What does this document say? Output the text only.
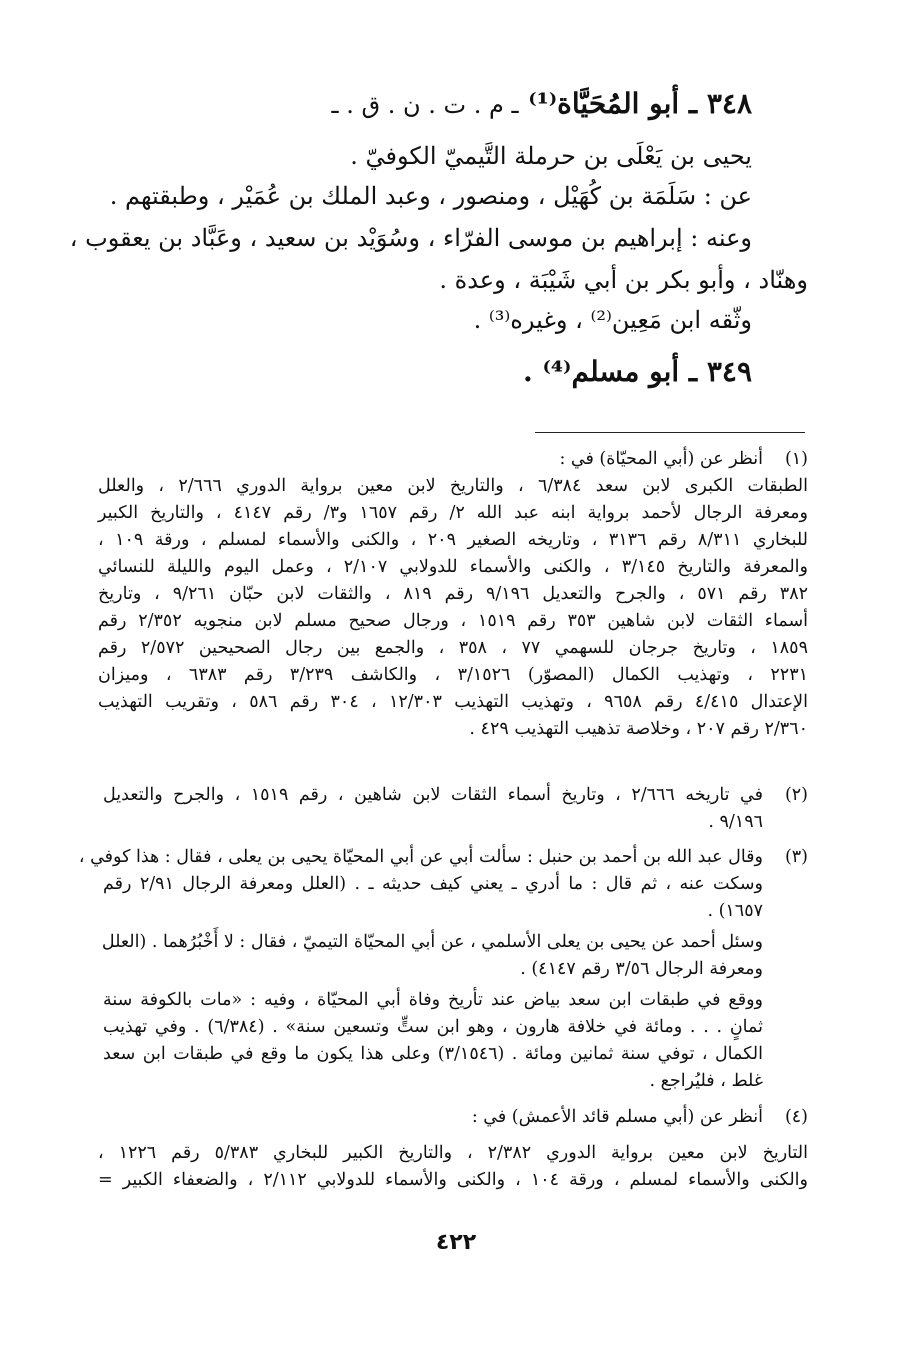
٣٤٨ ـ أبو المُحَيَّاة⁽¹⁾ ـ م . ت . ن . ق . ـ
يحيى بن يَعْلَى بن حرملة التَّيميّ الكوفيّ .
عن : سَلَمَة بن كُهَيْل ، ومنصور ، وعبد الملك بن عُمَيْر ، وطبقتهم .
وعنه : إبراهيم بن موسى الفرّاء ، وسُوَيْد بن سعيد ، وعَبَّاد بن يعقوب ،
وهنّاد ، وأبو بكر بن أبي شَيْبَة ، وعدة .
وثّقه ابن مَعِين⁽²⁾ ، وغيره⁽³⁾ .
٣٤٩ ـ أبو مسلم⁽⁴⁾ .
(١)
أنظر عن (أبي المحيّاة) في :
الطبقات الكبرى لابن سعد ٦/٣٨٤ ، والتاريخ لابن معين برواية الدوري ٢/٦٦٦ ، والعلل
ومعرفة الرجال لأحمد برواية ابنه عبد الله ٢/ رقم ١٦٥٧ و٣/ رقم ٤١٤٧ ، والتاريخ الكبير
للبخاري ٨/٣١١ رقم ٣١٣٦ ، وتاريخه الصغير ٢٠٩ ، والكنى والأسماء لمسلم ، ورقة ١٠٩ ،
والمعرفة والتاريخ ٣/١٤٥ ، والكنى والأسماء للدولابي ٢/١٠٧ ، وعمل اليوم والليلة للنسائي
٣٨٢ رقم ٥٧١ ، والجرح والتعديل ٩/١٩٦ رقم ٨١٩ ، والثقات لابن حبّان ٩/٢٦١ ، وتاريخ
أسماء الثقات لابن شاهين ٣٥٣ رقم ١٥١٩ ، ورجال صحيح مسلم لابن منجويه ٢/٣٥٢ رقم
١٨٥٩ ، وتاريخ جرجان للسهمي ٧٧ ، ٣٥٨ ، والجمع بين رجال الصحيحين ٢/٥٧٢ رقم
٢٢٣١ ، وتهذيب الكمال (المصوّر) ٣/١٥٢٦ ، والكاشف ٣/٢٣٩ رقم ٦٣٨٣ ، وميزان
الإعتدال ٤/٤١٥ رقم ٩٦٥٨ ، وتهذيب التهذيب ١٢/٣٠٣ ، ٣٠٤ رقم ٥٨٦ ، وتقريب التهذيب
٢/٣٦٠ رقم ٢٠٧ ، وخلاصة تذهيب التهذيب ٤٢٩ .
(٢)
في تاريخه ٢/٦٦٦ ، وتاريخ أسماء الثقات لابن شاهين ، رقم ١٥١٩ ، والجرح والتعديل
٩/١٩٦ .
(٣)
وقال عبد الله بن أحمد بن حنبل : سألت أبي عن أبي المحيّاة يحيى بن يعلى ، فقال : هذا كوفي ،
وسكت عنه ، ثم قال : ما أدري ـ يعني كيف حديثه ـ . (العلل ومعرفة الرجال ٢/٩١ رقم
١٦٥٧) .
وسئل أحمد عن يحيى بن يعلى الأسلمي ، عن أبي المحيّاة التيميّ ، فقال : لا أَخْبُرُهما . (العلل
ومعرفة الرجال ٣/٥٦ رقم ٤١٤٧) .
ووقع في طبقات ابن سعد بياض عند تأريخ وفاة أبي المحيّاة ، وفيه : «مات بالكوفة سنة
ثمانٍ . . . ومائة في خلافة هارون ، وهو ابن ستٍّ وتسعين سنة» . (٦/٣٨٤) . وفي تهذيب
الكمال ، توفي سنة ثمانين ومائة . (٣/١٥٤٦) وعلى هذا يكون ما وقع في طبقات ابن سعد
غلط ، فليُراجع .
(٤)
أنظر عن (أبي مسلم قائد الأعمش) في :
التاريخ لابن معين برواية الدوري ٢/٣٨٢ ، والتاريخ الكبير للبخاري ٥/٣٨٣ رقم ١٢٢٦ ،
والكنى والأسماء لمسلم ، ورقة ١٠٤ ، والكنى والأسماء للدولابي ٢/١١٢ ، والضعفاء الكبير =
٤٢٢
